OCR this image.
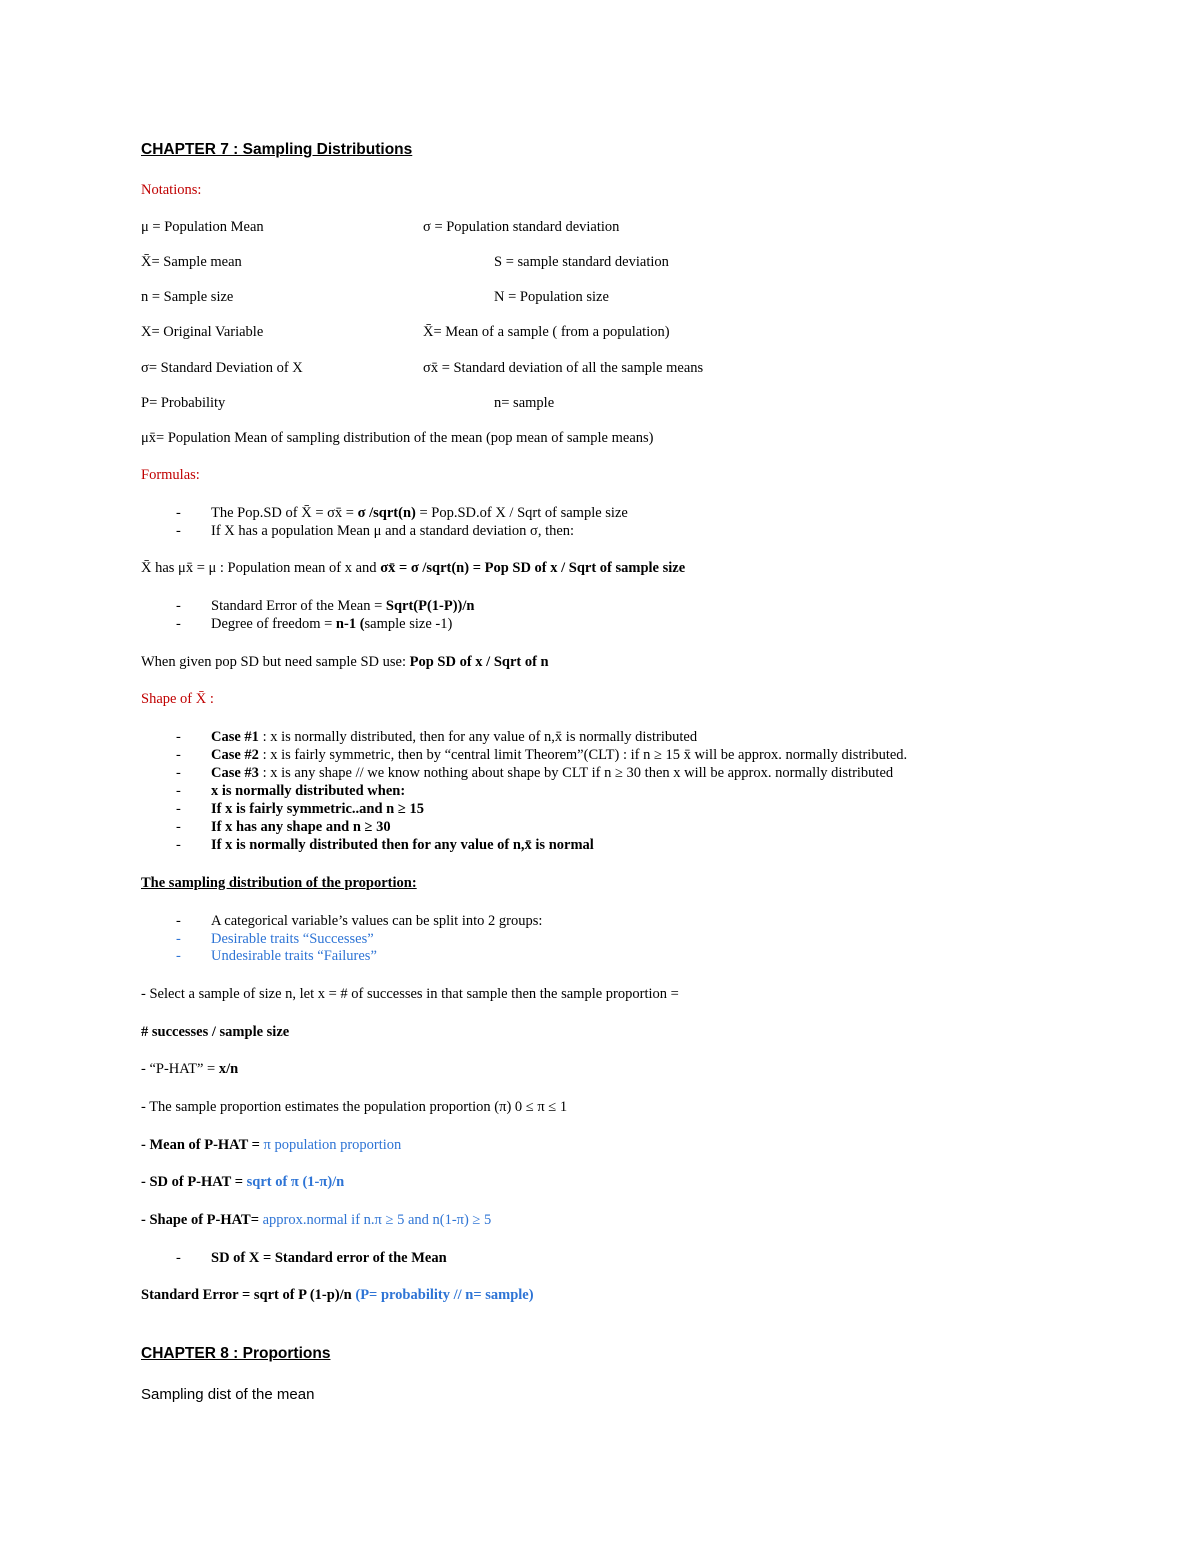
CHAPTER 7 : Sampling Distributions
Notations:
μ = Population Mean	σ = Population standard deviation
X̄= Sample mean	S = sample standard deviation
n = Sample size	N = Population size
X= Original Variable	X̄= Mean of a sample ( from a population)
σ= Standard Deviation of X	σx̄ = Standard deviation of all the sample means
P= Probability	n= sample
μx̄= Population Mean of sampling distribution of the mean (pop mean of sample means)
Formulas:
- The Pop.SD of X̄ = σx̄ = σ /sqrt(n) = Pop.SD.of X / Sqrt of sample size
- If X has a population Mean μ and a standard deviation σ, then:
X̄ has μx̄ = μ : Population mean of x and σx̄ = σ /sqrt(n) = Pop SD of x / Sqrt of sample size
- Standard Error of the Mean = Sqrt(P(1-P))/n
- Degree of freedom = n-1 (sample size -1)
When given pop SD but need sample SD use: Pop SD of x / Sqrt of n
Shape of X̄ :
- Case #1 : x is normally distributed, then for any value of n,x̄ is normally distributed
- Case #2 : x is fairly symmetric, then by “central limit Theorem”(CLT) : if n ≥ 15 x̄ will be approx. normally distributed.
- Case #3 : x is any shape // we know nothing about shape by CLT if n ≥ 30 then x will be approx. normally distributed
- x is normally distributed when:
- If x is fairly symmetric..and n ≥ 15
- If x has any shape and n ≥ 30
- If x is normally distributed then for any value of n,x̄ is normal
The sampling distribution of the proportion:
- A categorical variable’s values can be split into 2 groups:
- Desirable traits “Successes”
- Undesirable traits “Failures”
- Select a sample of size n, let x = # of successes in that sample then the sample proportion =
# successes / sample size
- “P-HAT” = x/n
- The sample proportion estimates the population proportion (π) 0 ≤ π ≤ 1
- Mean of P-HAT = π population proportion
- SD of P-HAT = sqrt of π (1-π)/n
- Shape of P-HAT= approx.normal if n.π ≥ 5 and n(1-π) ≥ 5
- SD of X = Standard error of the Mean
Standard Error = sqrt of P (1-p)/n (P= probability // n= sample)
CHAPTER 8 : Proportions
Sampling dist of the mean
